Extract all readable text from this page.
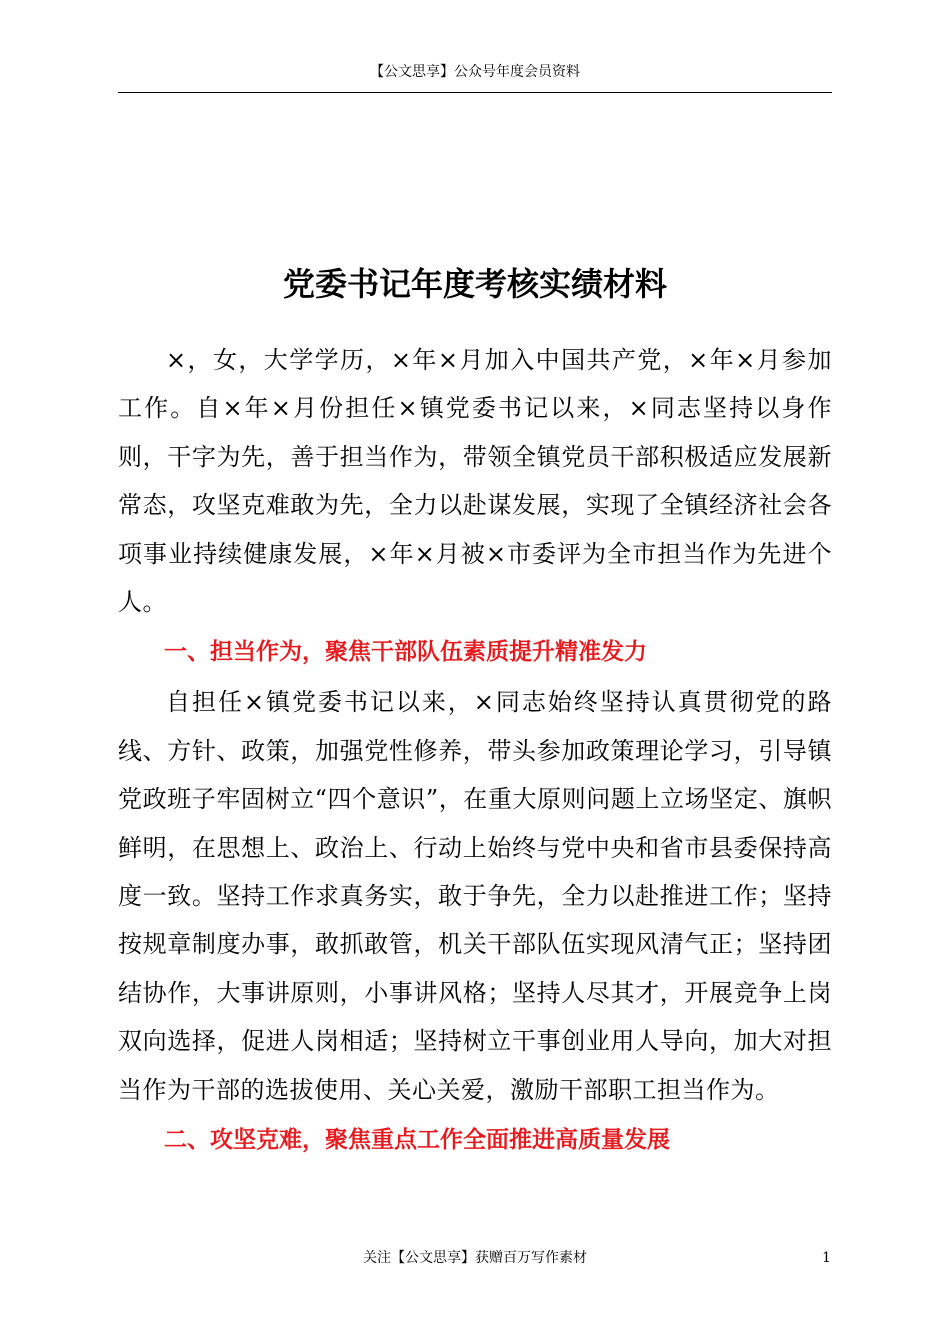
【公文思享】公众号年度会员资料
党委书记年度考核实绩材料

×，女，大学学历，×年×月加入中国共产党，×年×月参加工作。自×年×月份担任×镇党委书记以来，×同志坚持以身作则，干字为先，善于担当作为，带领全镇党员干部积极适应发展新常态，攻坚克难敢为先，全力以赴谋发展，实现了全镇经济社会各项事业持续健康发展，×年×月被×市委评为全市担当作为先进个人。

一、担当作为，聚焦干部队伍素质提升精准发力

自担任×镇党委书记以来，×同志始终坚持认真贯彻党的路线、方针、政策，加强党性修养，带头参加政策理论学习，引导镇党政班子牢固树立“四个意识”，在重大原则问题上立场坚定、旗帜鲜明，在思想上、政治上、行动上始终与党中央和省市县委保持高度一致。坚持工作求真务实，敢于争先，全力以赴推进工作；坚持按规章制度办事，敢抓敢管，机关干部队伍实现风清气正；坚持团结协作，大事讲原则，小事讲风格；坚持人尽其才，开展竞争上岗双向选择，促进人岗相适；坚持树立干事创业用人导向，加大对担当作为干部的选拔使用、关心关爱，激励干部职工担当作为。

二、攻坚克难，聚焦重点工作全面推进高质量发展

关注【公文思享】获赠百万写作素材	1
